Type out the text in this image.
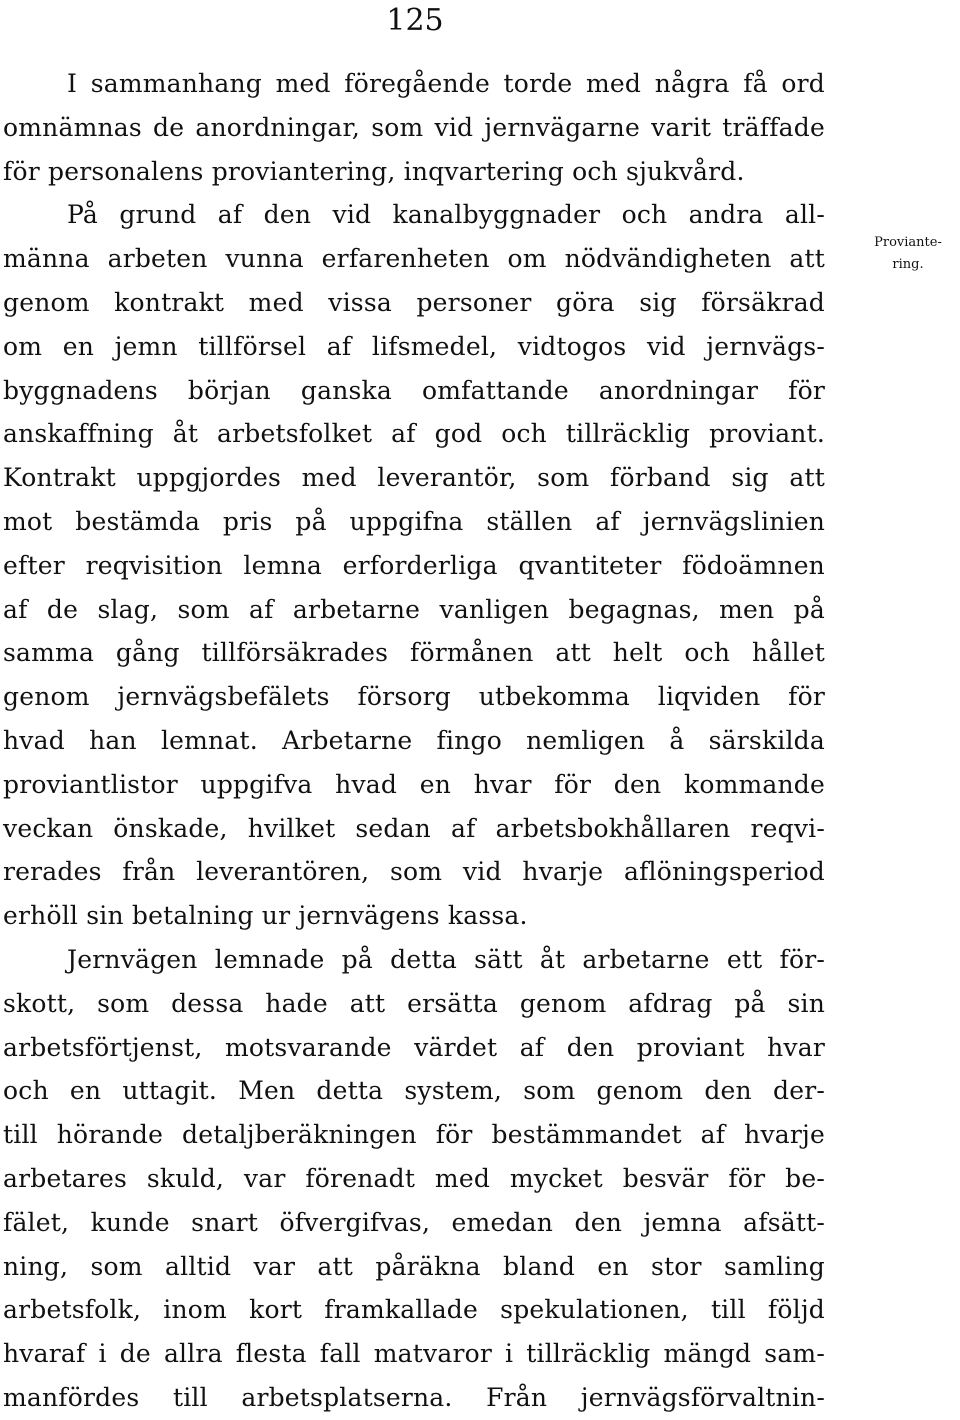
125
Proviante-
ring.
I sammanhang med föregående torde med några få ord
omnämnas de anordningar, som vid jernvägarne varit träffade
för personalens proviantering, inqvartering och sjukvård.
På grund af den vid kanalbyggnader och andra all-
männa arbeten vunna erfarenheten om nödvändigheten att
genom kontrakt med vissa personer göra sig försäkrad
om en jemn tillförsel af lifsmedel, vidtogos vid jernvägs-
byggnadens början ganska omfattande anordningar för
anskaffning åt arbetsfolket af god och tillräcklig proviant.
Kontrakt uppgjordes med leverantör, som förband sig att
mot bestämda pris på uppgifna ställen af jernvägslinien
efter reqvisition lemna erforderliga qvantiteter födoämnen
af de slag, som af arbetarne vanligen begagnas, men på
samma gång tillförsäkrades förmånen att helt och hållet
genom jernvägsbefälets försorg utbekomma liqviden för
hvad han lemnat. Arbetarne fingo nemligen å särskilda
proviantlistor uppgifva hvad en hvar för den kommande
veckan önskade, hvilket sedan af arbetsbokhållaren reqvi-
rerades från leverantören, som vid hvarje aflöningsperiod
erhöll sin betalning ur jernvägens kassa.
Jernvägen lemnade på detta sätt åt arbetarne ett för-
skott, som dessa hade att ersätta genom afdrag på sin
arbetsförtjenst, motsvarande värdet af den proviant hvar
och en uttagit. Men detta system, som genom den der-
till hörande detaljberäkningen för bestämmandet af hvarje
arbetares skuld, var förenadt med mycket besvär för be-
fälet, kunde snart öfvergifvas, emedan den jemna afsätt-
ning, som alltid var att påräkna bland en stor samling
arbetsfolk, inom kort framkallade spekulationen, till följd
hvaraf i de allra flesta fall matvaror i tillräcklig mängd sam-
manfördes till arbetsplatserna. Från jernvägsförvaltnin-
